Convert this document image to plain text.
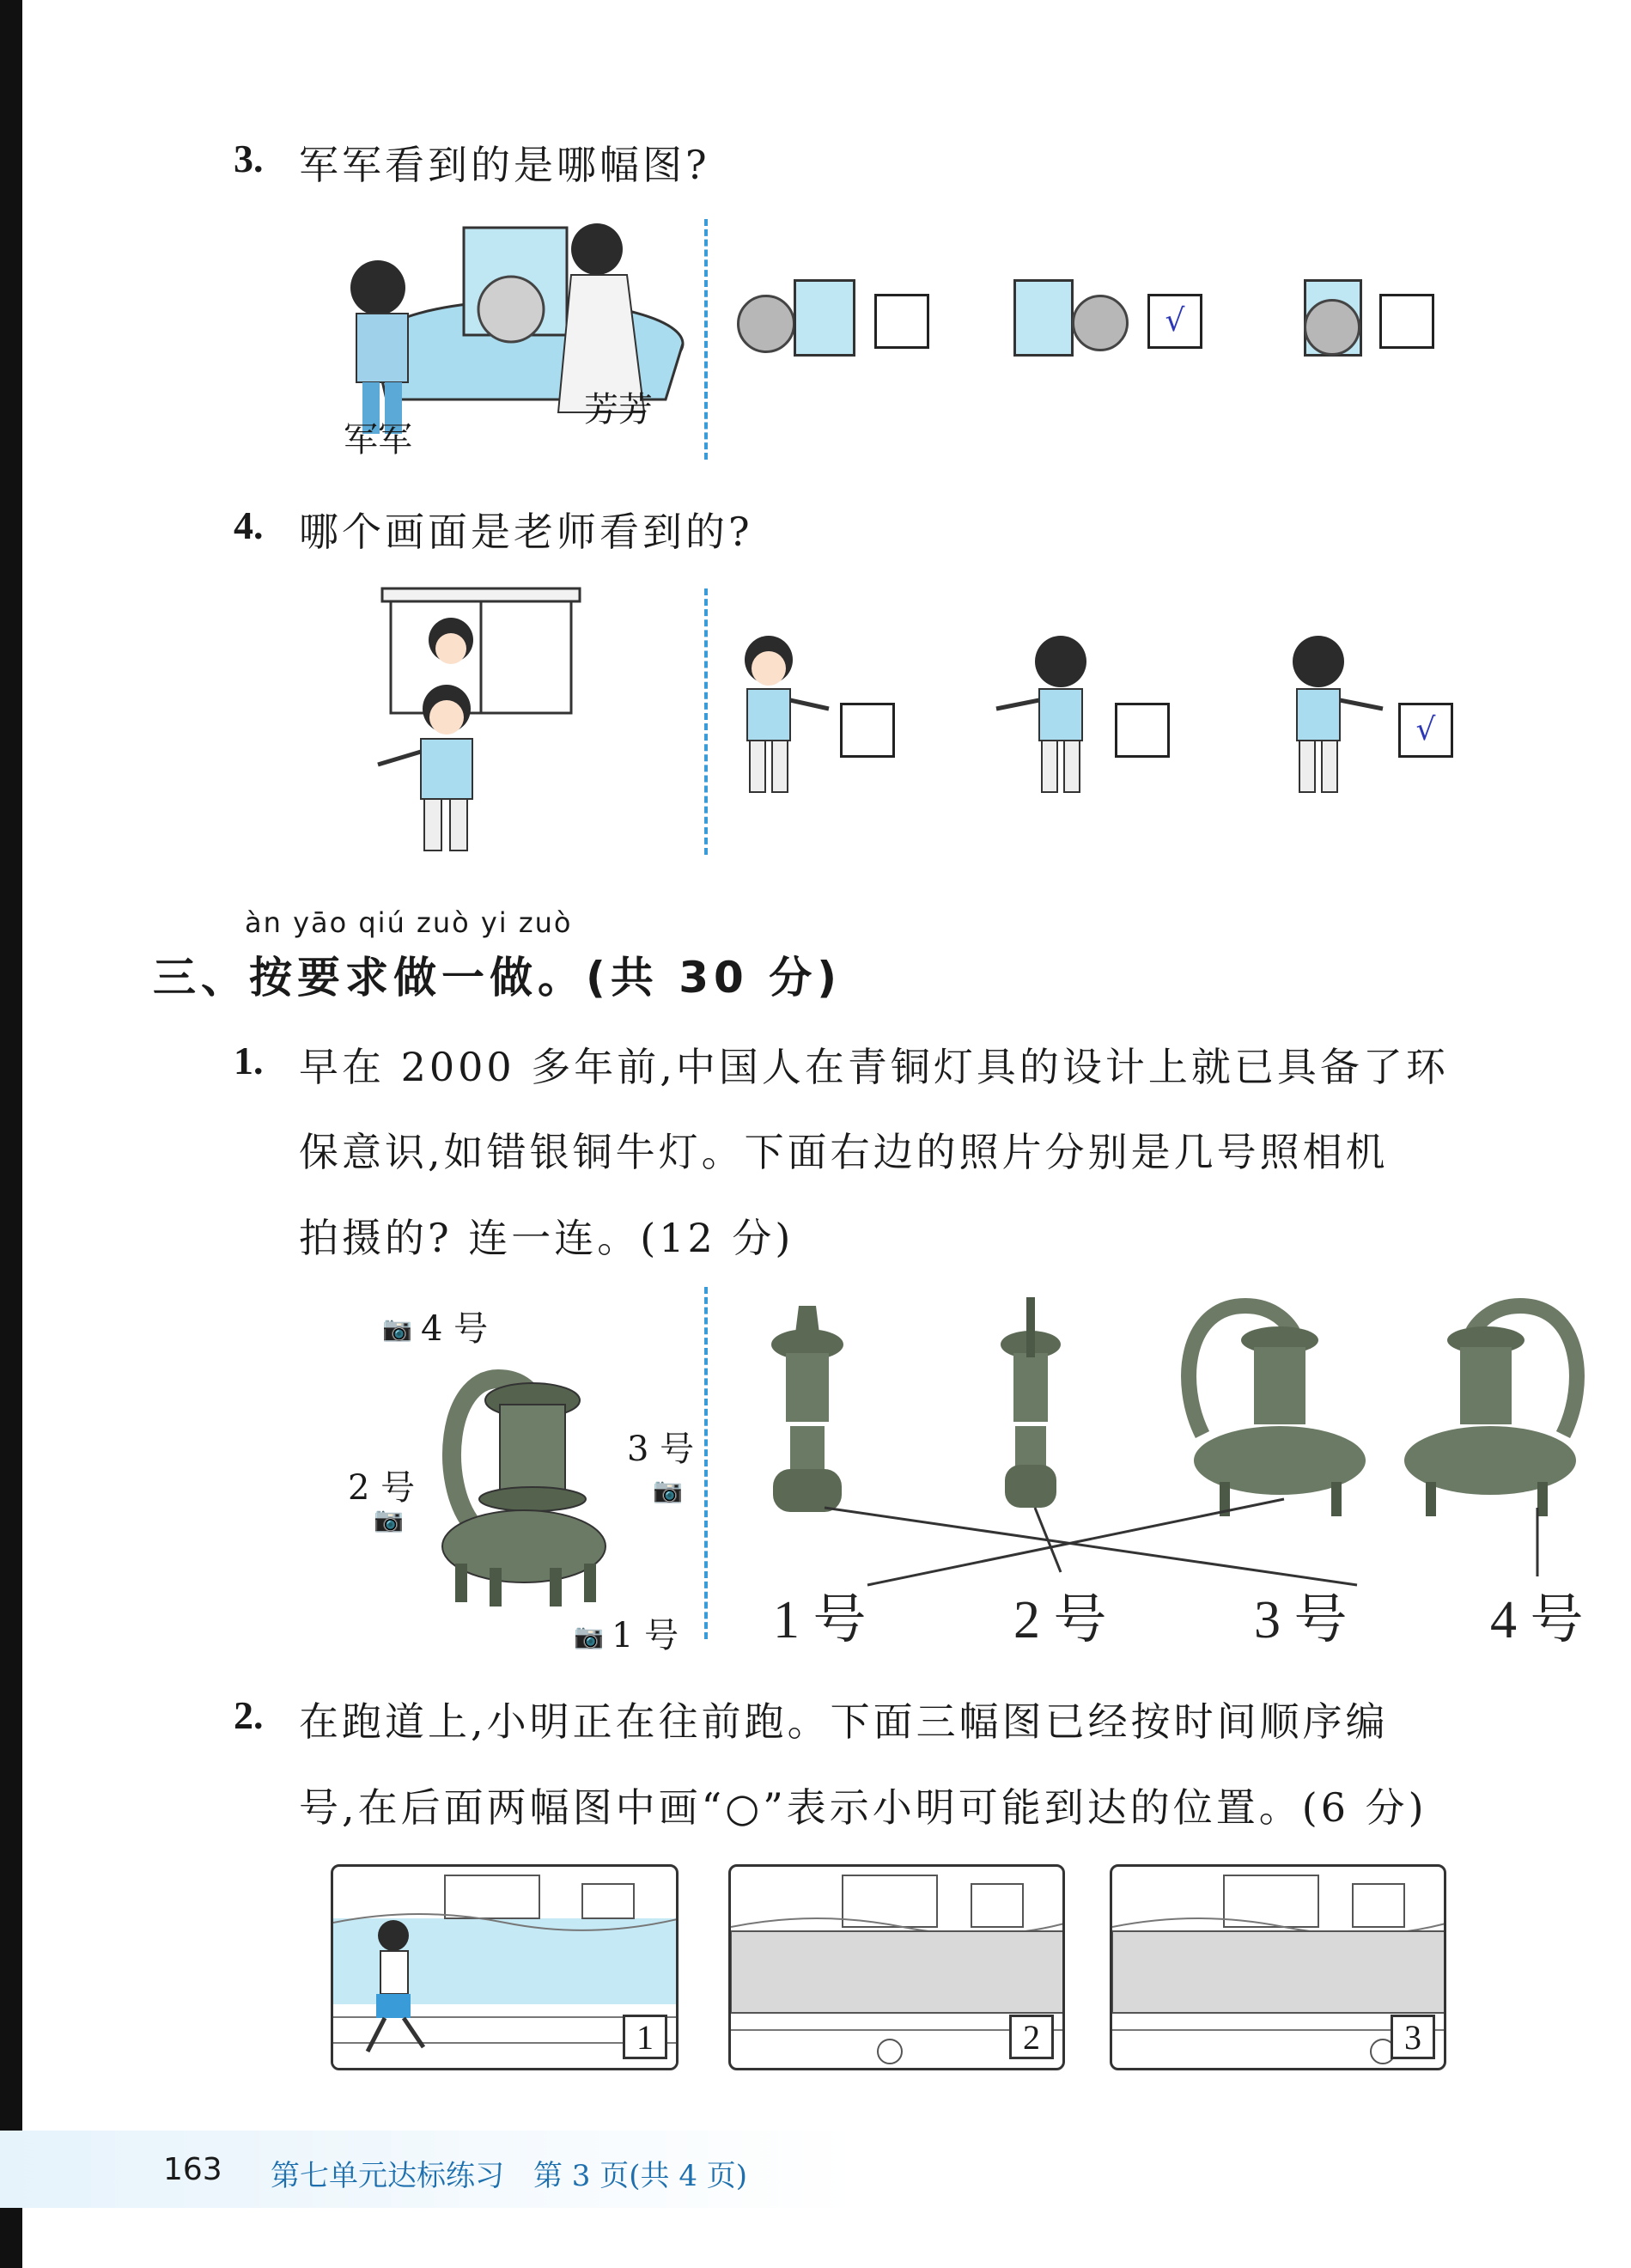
3. 军军看到的是哪幅图?
军军
芳芳
√
4. 哪个画面是老师看到的?
√
àn yāo qiú zuò yi zuò
三、按要求做一做。(共 30 分)
1. 早在 2000 多年前,中国人在青铜灯具的设计上就已具备了环
保意识,如错银铜牛灯。下面右边的照片分别是几号照相机
拍摄的? 连一连。(12 分)
📷 4 号
3 号
📷
2 号
📷
📷 1 号 1 号	2 号	3 号	4 号
2. 在跑道上,小明正在往前跑。下面三幅图已经按时间顺序编
号,在后面两幅图中画“○”表示小明可能到达的位置。(6 分)
1	2	3
163 第七单元达标练习　第 3 页(共 4 页)
